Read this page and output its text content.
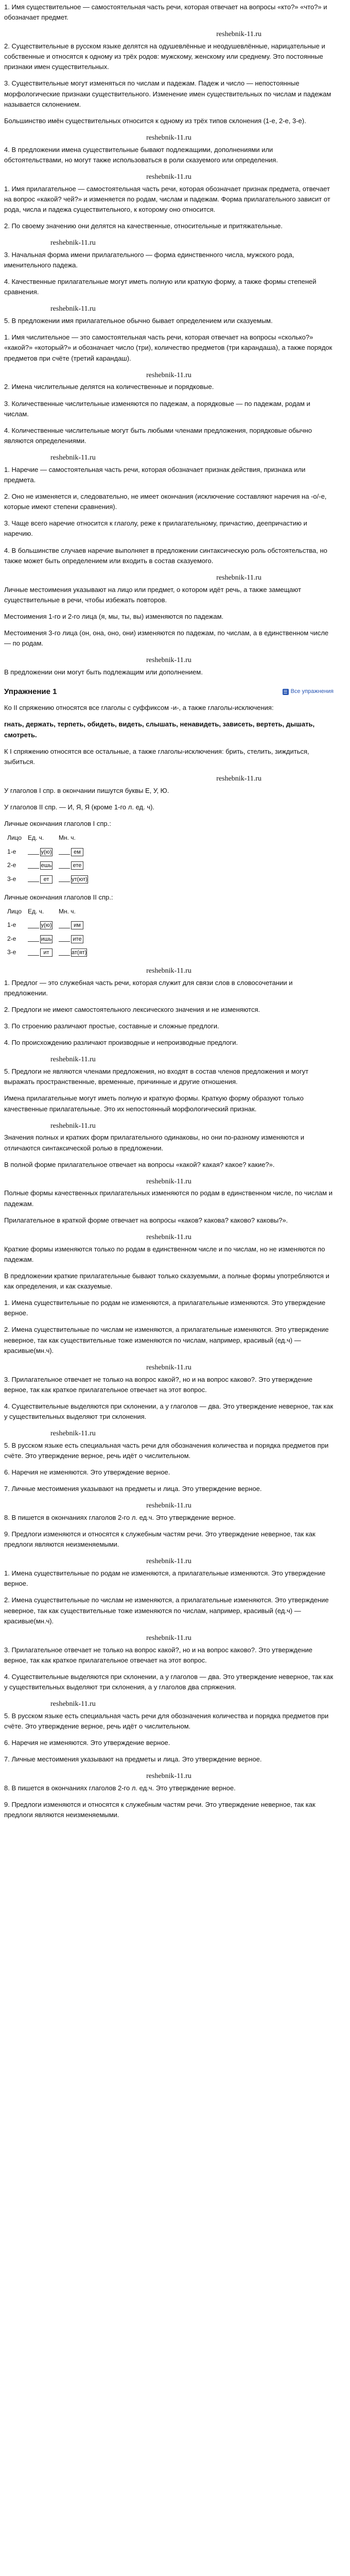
1. Имя существительное — самостоятельная часть речи, которая отвечает на вопросы «кто?» «что?» и обозначает предмет.
reshebnik-11.ru
2. Существительные в русском языке делятся на одушевлённые и неодушевлённые, нарицательные и собственные и относятся к одному из трёх родов: мужскому, женскому или среднему. Это постоянные признаки имен существительных.
3. Существительные могут изменяться по числам и падежам. Падеж и число — непостоянные морфологические признаки существительного. Изменение имен существительных по числам и падежам называется склонением.
Большинство имён существительных относится к одному из трёх типов склонения (1-е, 2-е, 3-е).
reshebnik-11.ru
4. В предложении имена существительные бывают подлежащими, дополнениями или обстоятельствами, но могут также использоваться в роли сказуемого или определения.
reshebnik-11.ru
1. Имя прилагательное — самостоятельная часть речи, которая обозначает признак предмета, отвечает на вопрос «какой? чей?» и изменяется по родам, числам и падежам. Форма прилагательного зависит от рода, числа и падежа существительного, к которому оно относится.
2. По своему значению они делятся на качественные, относительные и притяжательные.
reshebnik-11.ru
3. Начальная форма имени прилагательного — форма единственного числа, мужского рода, именительного падежа.
4. Качественные прилагательные могут иметь полную или краткую форму, а также формы степеней сравнения.
reshebnik-11.ru
5. В предложении имя прилагательное обычно бывает определением или сказуемым.
1. Имя числительное — это самостоятельная часть речи, которая отвечает на вопросы «сколько?» «какой?» «который?» и обозначает число (три), количество предметов (три карандаша), а также порядок предметов при счёте (третий карандаш).
reshebnik-11.ru
2. Имена числительные делятся на количественные и порядковые.
3. Количественные числительные изменяются по падежам, а порядковые — по падежам, родам и числам.
4. Количественные числительные могут быть любыми членами предложения, порядковые обычно являются определениями.
reshebnik-11.ru
1. Наречие — самостоятельная часть речи, которая обозначает признак действия, признака или предмета.
2. Оно не изменяется и, следовательно, не имеет окончания (исключение составляют наречия на -о/-е, которые имеют степени сравнения).
3. Чаще всего наречие относится к глаголу, реже к прилагательному, причастию, деепричастию и наречию.
4. В большинстве случаев наречие выполняет в предложении синтаксическую роль обстоятельства, но также может быть определением или входить в состав сказуемого.
reshebnik-11.ru
Личные местоимения указывают на лицо или предмет, о котором идёт речь, а также замещают существительные в речи, чтобы избежать повторов.
Местоимения 1-го и 2-го лица (я, мы, ты, вы) изменяются по падежам.
Местоимения 3-го лица (он, она, оно, они) изменяются по падежам, по числам, а в единственном числе — по родам.
reshebnik-11.ru
В предложении они могут быть подлежащим или дополнением.
Упражнение 1	☰ Все упражнения
Ко II спряжению относятся все глаголы с суффиксом -и-, а также глаголы-исключения:
гнать, держать, терпеть, обидеть, видеть, слышать, ненавидеть, зависеть, вертеть, дышать, смотреть.
К I спряжению относятся все остальные, а также глаголы-исключения: брить, стелить, зиждиться, зыбиться.
reshebnik-11.ru
У глаголов I спр. в окончании пишутся буквы Е, У, Ю.
У глаголов II спр. — И, Я, Я (кроме 1-го л. ед. ч).
Личные окончания глаголов I спр.:
Лицо	Ед. ч.	Мн. ч.
1-е	у(ю)	ем
2-е	ешь	ете
3-е	ет	ут(ют)
Личные окончания глаголов II спр.:
Лицо	Ед. ч.	Мн. ч.
1-е	у(ю)	им
2-е	ишь	ите
3-е	ит	ат(ят)
reshebnik-11.ru
1. Предлог — это служебная часть речи, которая служит для связи слов в словосочетании и предложении.
2. Предлоги не имеют самостоятельного лексического значения и не изменяются.
3. По строению различают простые, составные и сложные предлоги.
4. По происхождению различают производные и непроизводные предлоги.
reshebnik-11.ru
5. Предлоги не являются членами предложения, но входят в состав членов предложения и могут выражать пространственные, временные, причинные и другие отношения.
Имена прилагательные могут иметь полную и краткую формы. Краткую форму образуют только качественные прилагательные. Это их непостоянный морфологический признак.
reshebnik-11.ru
Значения полных и кратких форм прилагательного одинаковы, но они по-разному изменяются и отличаются синтаксической ролью в предложении.
В полной форме прилагательное отвечает на вопросы «какой? какая? какое? какие?».
reshebnik-11.ru
Полные формы качественных прилагательных изменяются по родам в единственном числе, по числам и падежам.
Прилагательное в краткой форме отвечает на вопросы «каков? какова? каково? каковы?».
reshebnik-11.ru
Краткие формы изменяются только по родам в единственном числе и по числам, но не изменяются по падежам.
В предложении краткие прилагательные бывают только сказуемыми, а полные формы употребляются и как определения, и как сказуемые.
1. Имена существительные по родам не изменяются, а прилагательные изменяются. Это утверждение верное.
2. Имена существительные по числам не изменяются, а прилагательные изменяются. Это утверждение неверное, так как существительные тоже изменяются по числам, например, красивый (ед.ч) — красивые(мн.ч).
reshebnik-11.ru
3. Прилагательное отвечает не только на вопрос какой?, но и на вопрос каково?. Это утверждение верное, так как краткое прилагательное отвечает на этот вопрос.
4. Существительные выделяются при склонении, а у глаголов — два. Это утверждение неверное, так как у существительных выделяют три склонения.
reshebnik-11.ru
5. В русском языке есть специальная часть речи для обозначения количества и порядка предметов при счёте. Это утверждение верное, речь идёт о числительном.
6. Наречия не изменяются. Это утверждение верное.
7. Личные местоимения указывают на предметы и лица. Это утверждение верное.
reshebnik-11.ru
8. В пишется в окончаниях глаголов 2-го л. ед.ч. Это утверждение верное.
9. Предлоги изменяются и относятся к служебным частям речи. Это утверждение неверное, так как предлоги являются неизменяемыми.
reshebnik-11.ru
1. Имена существительные по родам не изменяются, а прилагательные изменяются. Это утверждение верное.
2. Имена существительные по числам не изменяются, а прилагательные изменяются. Это утверждение неверное, так как существительные тоже изменяются по числам, например, красивый (ед.ч) — красивые(мн.ч).
reshebnik-11.ru
3. Прилагательное отвечает не только на вопрос какой?, но и на вопрос каково?. Это утверждение верное, так как краткое прилагательное отвечает на этот вопрос.
4. Существительные выделяются при склонении, а у глаголов — два. Это утверждение неверное, так как у существительных выделяют три склонения, а у глаголов два спряжения.
reshebnik-11.ru
5. В русском языке есть специальная часть речи для обозначения количества и порядка предметов при счёте. Это утверждение верное, речь идёт о числительном.
6. Наречия не изменяются. Это утверждение верное.
7. Личные местоимения указывают на предметы и лица. Это утверждение верное.
reshebnik-11.ru
8. В пишется в окончаниях глаголов 2-го л. ед.ч. Это утверждение верное.
9. Предлоги изменяются и относятся к служебным частям речи. Это утверждение неверное, так как предлоги являются неизменяемыми.
